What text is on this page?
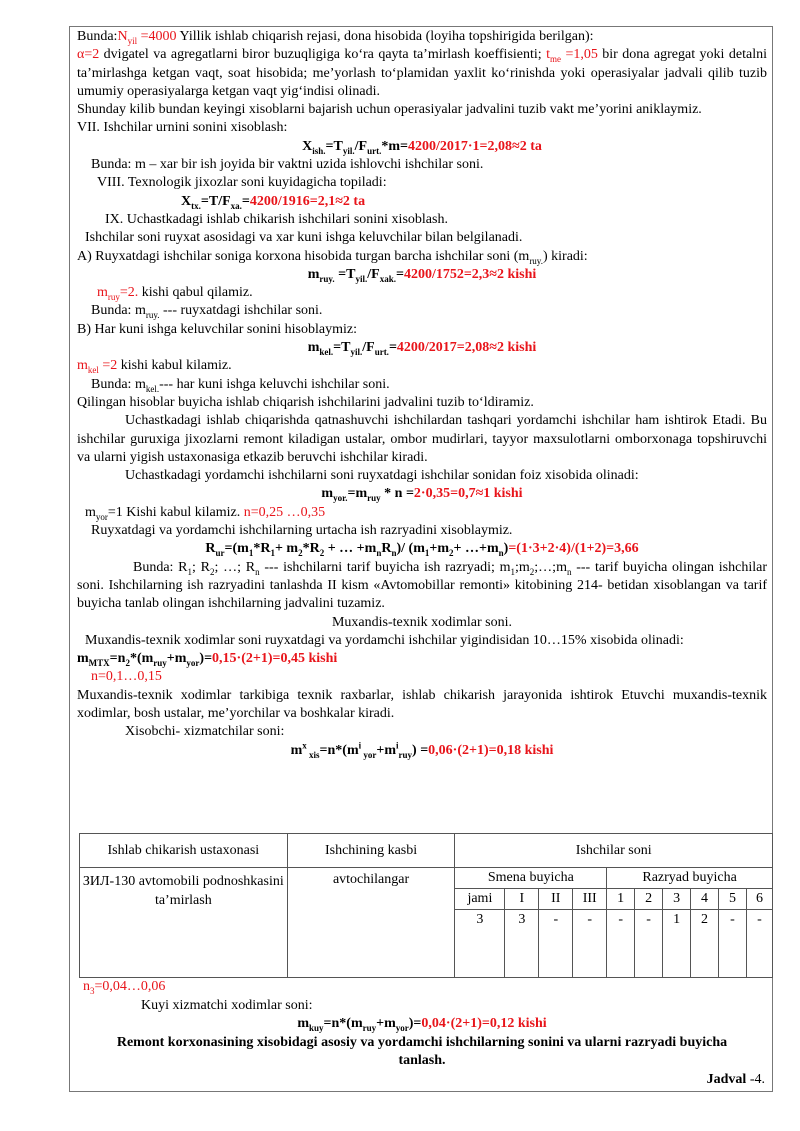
$Bunda:N_{yil} =4000$ Yillik ishlab chiqarish rejasi, dona hisobida (loyiha topshirigida berilgan):

α=2 dvigatel va agregatlarni biror buzuqligiga koʻra qayta taʼmirlash koeffisienti; $t_{me} =1,05$ bir dona agregat yoki detalni taʼmirlashga ketgan vaqt, soat hisobida; meʼyorlash toʻplamidan yaxlit koʻrinishda yoki operasiyalar jadvali qilib tuzib umumiy operasiyalarga ketgan vaqt yigʻindisi olinadi.

Shunday kilib bundan keyingi xisoblarni bajarish uchun operasiyalar jadvalini tuzib vakt meʼyorini aniklaymiz.

VII. Ishchilar urnini sonini xisoblash:

$X_{ish.}=T_{yil.}/F_{urt.}*m=4200/2017\cdot 1=2,08\approx 2$ ta

Bunda: m – xar bir ish joyida bir vaktni uzida ishlovchi ishchilar soni.

VIII. Texnologik jixozlar soni kuyidagicha topiladi:

$X_{tx.}=T/F_{xa.}=4200/1916=2,1\approx 2$ ta

IX. Uchastkadagi ishlab chikarish ishchilari sonini xisoblash.

Ishchilar soni ruyxat asosidagi va xar kuni ishga keluvchilar bilan belgilanadi.

A) Ruyxatdagi ishchilar soniga korxona hisobida turgan barcha ishchilar soni $(m_{ruy.})$ kiradi:

$m_{ruy.} =T_{yil.}/F_{xak.}=4200/1752=2,3\approx 2$ kishi

$m_{ruy}=2$. kishi qabul qilamiz.

Bunda: $m_{ruy.}$ --- ruyxatdagi ishchilar soni.

B) Har kuni ishga keluvchilar sonini hisoblaymiz:

$m_{kel.}=T_{yil.}/F_{urt.}=4200/2017=2,08\approx 2$ kishi

$m_{kel} =2$ kishi kabul kilamiz.

Bunda: $m_{kel.}---$ har kuni ishga keluvchi ishchilar soni.

Qilingan hisoblar buyicha ishlab chiqarish ishchilarini jadvalini tuzib toʻldiramiz.

Uchastkadagi ishlab chiqarishda qatnashuvchi ishchilardan tashqari yordamchi ishchilar ham ishtirok Etadi. Bu ishchilar guruxiga jixozlarni remont kiladigan ustalar, ombor mudirlari, tayyor maxsulotlarni omborxonaga topshiruvchi va ularni yigish ustaxonasiga etkazib beruvchi ishchilar kiradi.

Uchastkadagi yordamchi ishchilarni soni ruyxatdagi ishchilar sonidan foiz xisobida olinadi:

$m_{yor.}=m_{ruy} * n =2\cdot 0,35=0,7\approx 1$ kishi

$m_{yor}=1$ Kishi kabul kilamiz. n=0,25 …0,35

Ruyxatdagi va yordamchi ishchilarning urtacha ish razryadini xisoblaymiz.

$R_{ur}=(m_1*R_1+ m_2*R_2$ + … $+m_nR_n)/$ ($m_1+m_2+$ $\dots+m_n)=(1\cdot 3+2\cdot 4)/(1+2)=3,66$

Bunda: $R_1$; $R_2$; …; $R_n$ --- ishchilarni tarif buyicha ish razryadi; $m_1;m_2;\dots;m_n$ --- tarif buyicha olingan ishchilar soni. Ishchilarning ish razryadini tanlashda II kism «Avtomobillar remonti» kitobining 214- betidan xisoblangan va tarif buyicha tanlab olingan ishchilarning jadvalini tuzamiz.

Muxandis-texnik xodimlar soni.

Muxandis-texnik xodimlar soni ruyxatdagi va yordamchi ishchilar yigindisidan 10…15% xisobida olinadi:

$m_{MTX}=n_2*(m_{ruy}+m_{yor})=0,15\cdot(2+1)=0,45$ kishi

n=0,1…0,15

Muxandis-texnik xodimlar tarkibiga texnik raxbarlar, ishlab chikarish jarayonida ishtirok Etuvchi muxandis-texnik xodimlar, bosh ustalar, meʼyorchilar va boshkalar kiradi.

Xisobchi- xizmatchilar soni:

$m^x$ $_{xis}=n*(m^i$ $_{yor}+m^i_{ruy}) =0,06\cdot(2+1)=0,18$ kishi

Ishlab chikarish ustaxonasi	Ishchining kasbi	Ishchilar soni									
ЗИЛ-130 avtomobili podnoshkasini taʼmirlash	avtochilangar	Smena buyicha				Razryad buyicha					
		jami	I	II	III	1	2	3	4	5	6
		3	3	-	-	-	-	1	2	-	-

$n_3=0,04\dots 0,06$

Kuyi xizmatchi xodimlar soni:

$m_{kuy}=n*(m_{ruy}+m_{yor})=0,04\cdot(2+1)=0,12$ kishi

Remont korxonasining xisobidagi asosiy va yordamchi ishchilarning sonini va ularni razryadi buyicha tanlash.

Jadval -4.
